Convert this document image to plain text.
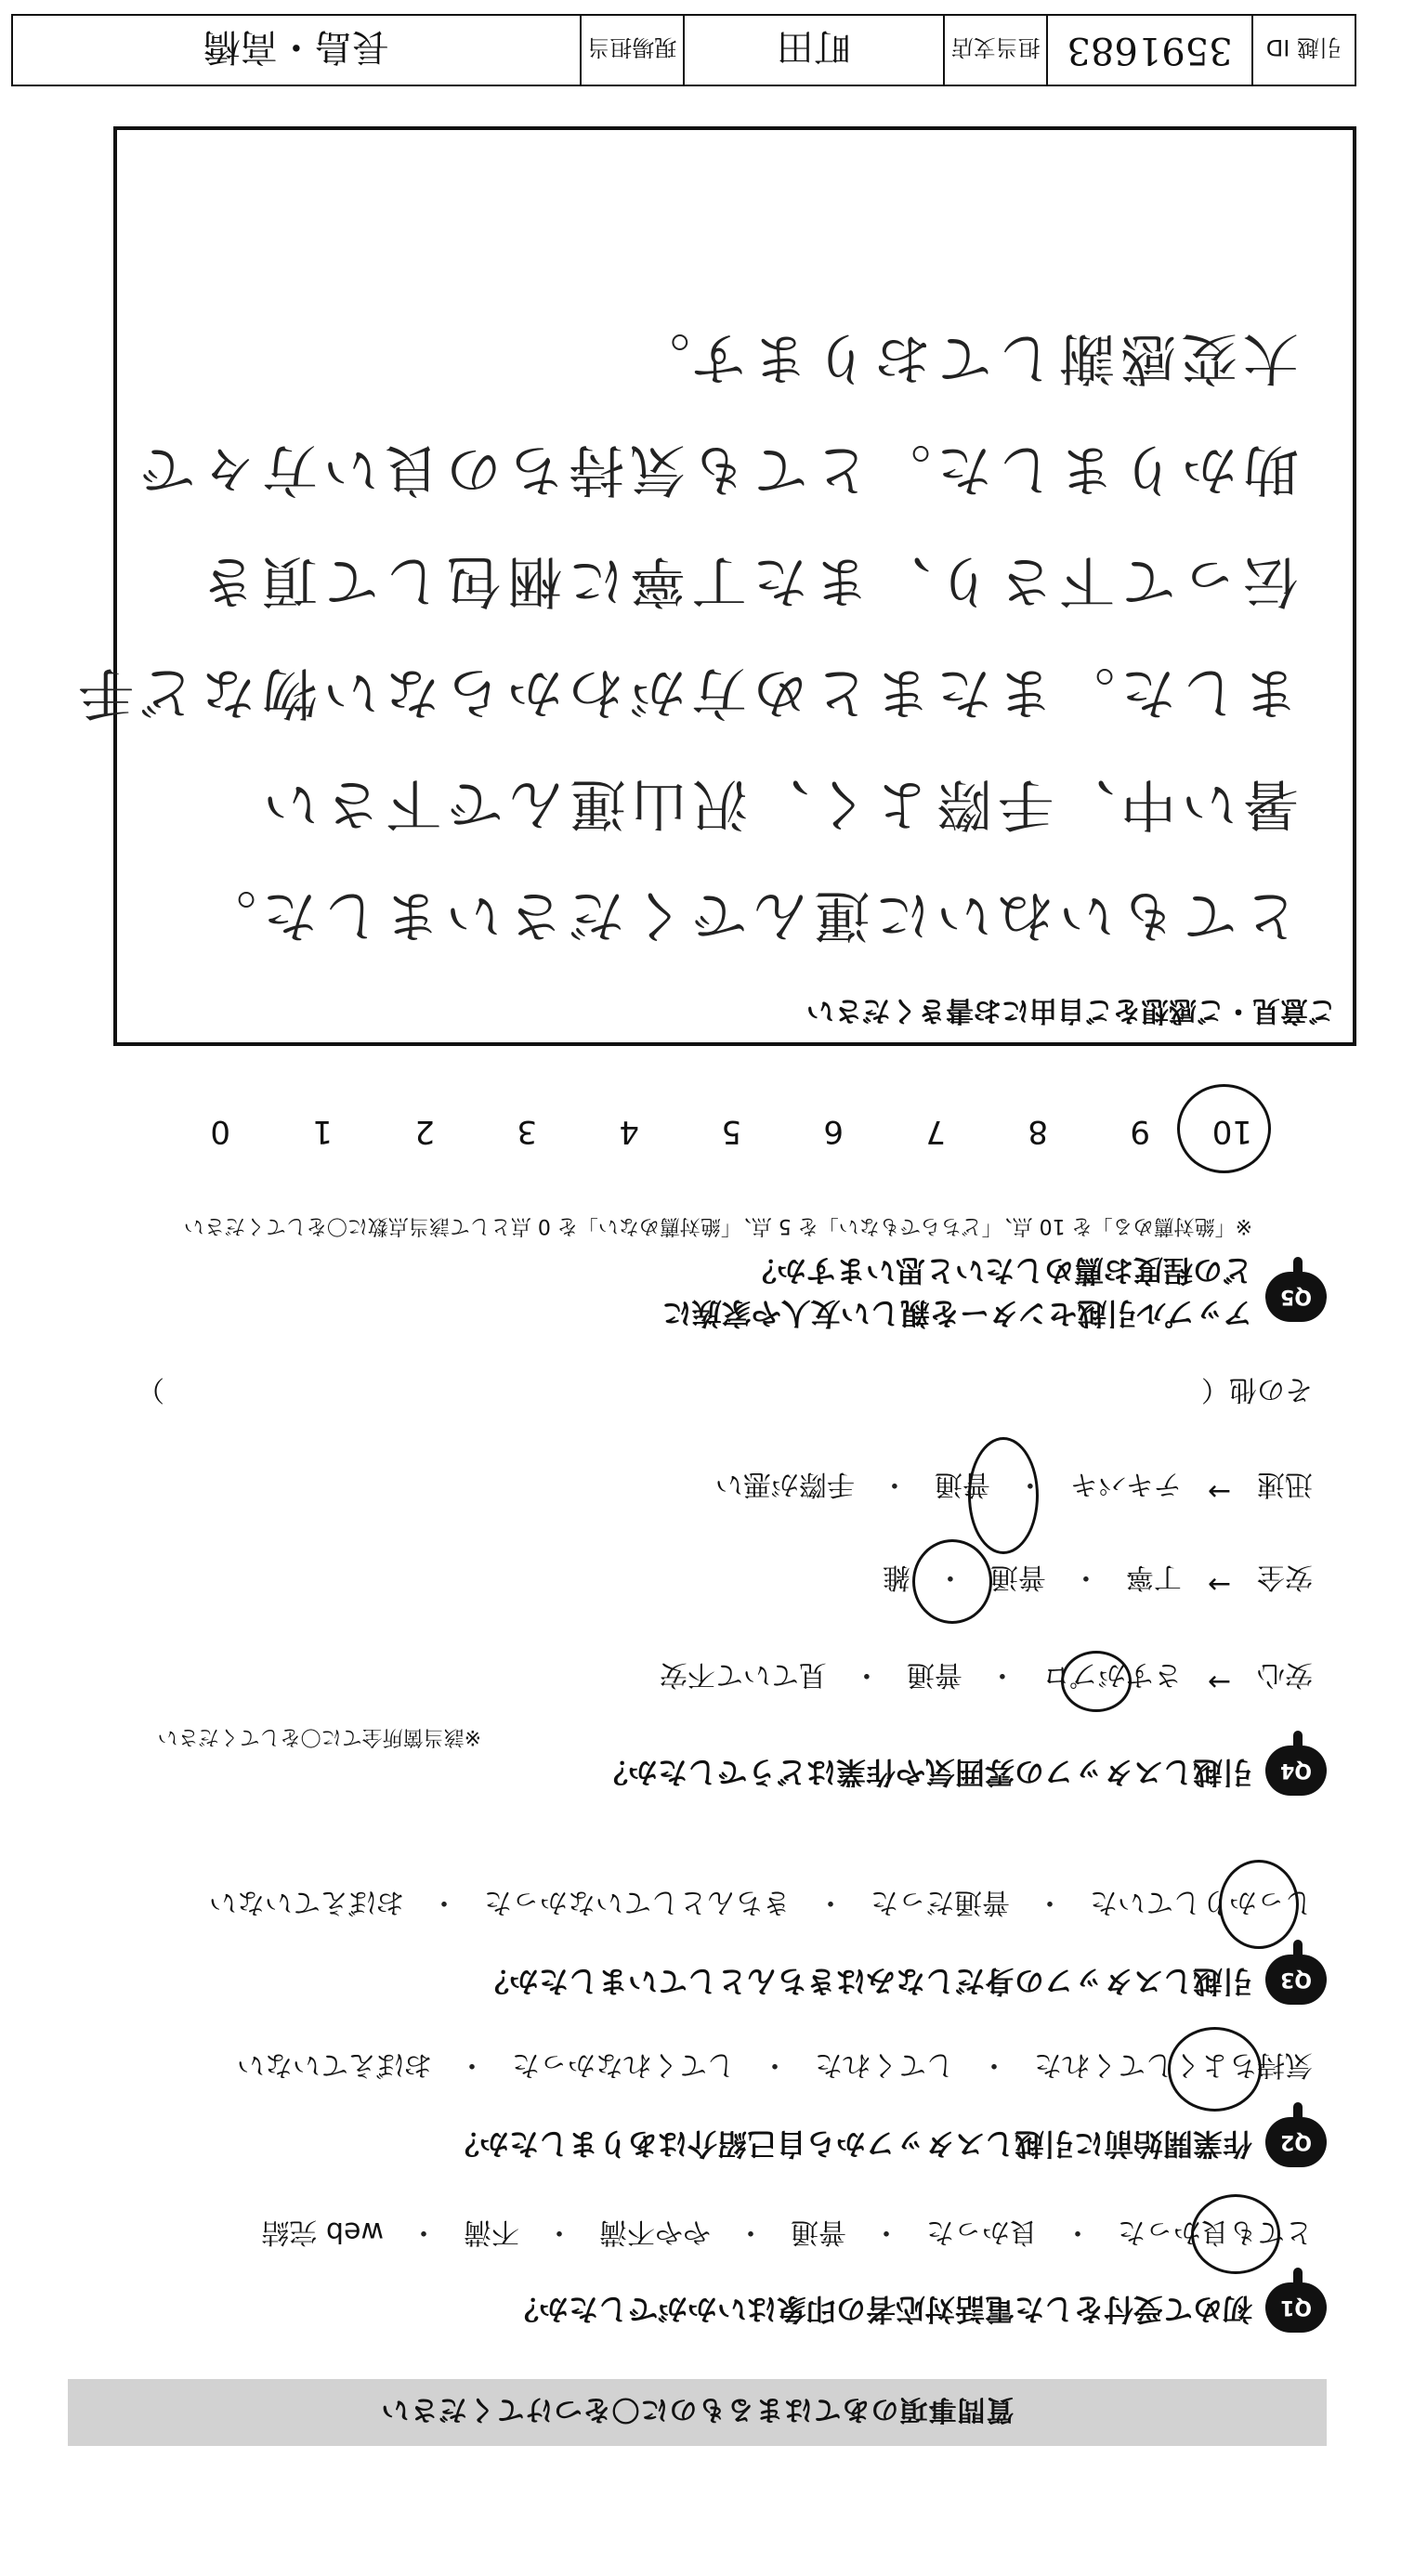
質問事項のあてはまるものに〇をつけてください
Q1
初めて受付をした電話対応者の印象はいかがでしたか？
とても良かった
・
良かった
・
普通
・
やや不満
・
不満
・
web 完結
Q2
作業開始前に引越しスタッフから自己紹介はありましたか？
気持ちよくしてくれた
・
してくれた
・
してくれなかった
・
おぼえていない
Q3
引越しスタッフの身だしなみはきちんとしていましたか？
しっかりしていた
・
普通だった
・
きちんとしていなかった
・
おぼえていない
Q4
引越しスタッフの雰囲気や作業はどうでしたか？
※該当箇所全てに〇をしてください
安心
→
さすがプロ
・
普通
・
見ていて不安
安全
→
丁寧
・
普通
・
雑
迅速
→
テキパキ
・
普通
・
手際が悪い
その他（
）
Q5
アップル引越センターを親しい友人や家族に
どの程度お薦めしたいと思いますか？
※「絶対薦める」を 10 点、「どちらでもない」を 5 点、「絶対薦めない」を 0 点として該当点数に〇をしてください
10
9
8
7
6
5
4
3
2
1
0
ご意見・ご感想をご自由にお書きください
とてもいねいに運んでくださいました。
暑い中、手際よく、沢山運んで下さい
ました。またまとめ方がわからない物など手
伝って下さり、また丁寧に梱包して頂き
助かりました。とても気持ちの良い方々で
大変感謝しております。
引越 ID
3591683
担当支店
町田
現場担当
長島・高橋
